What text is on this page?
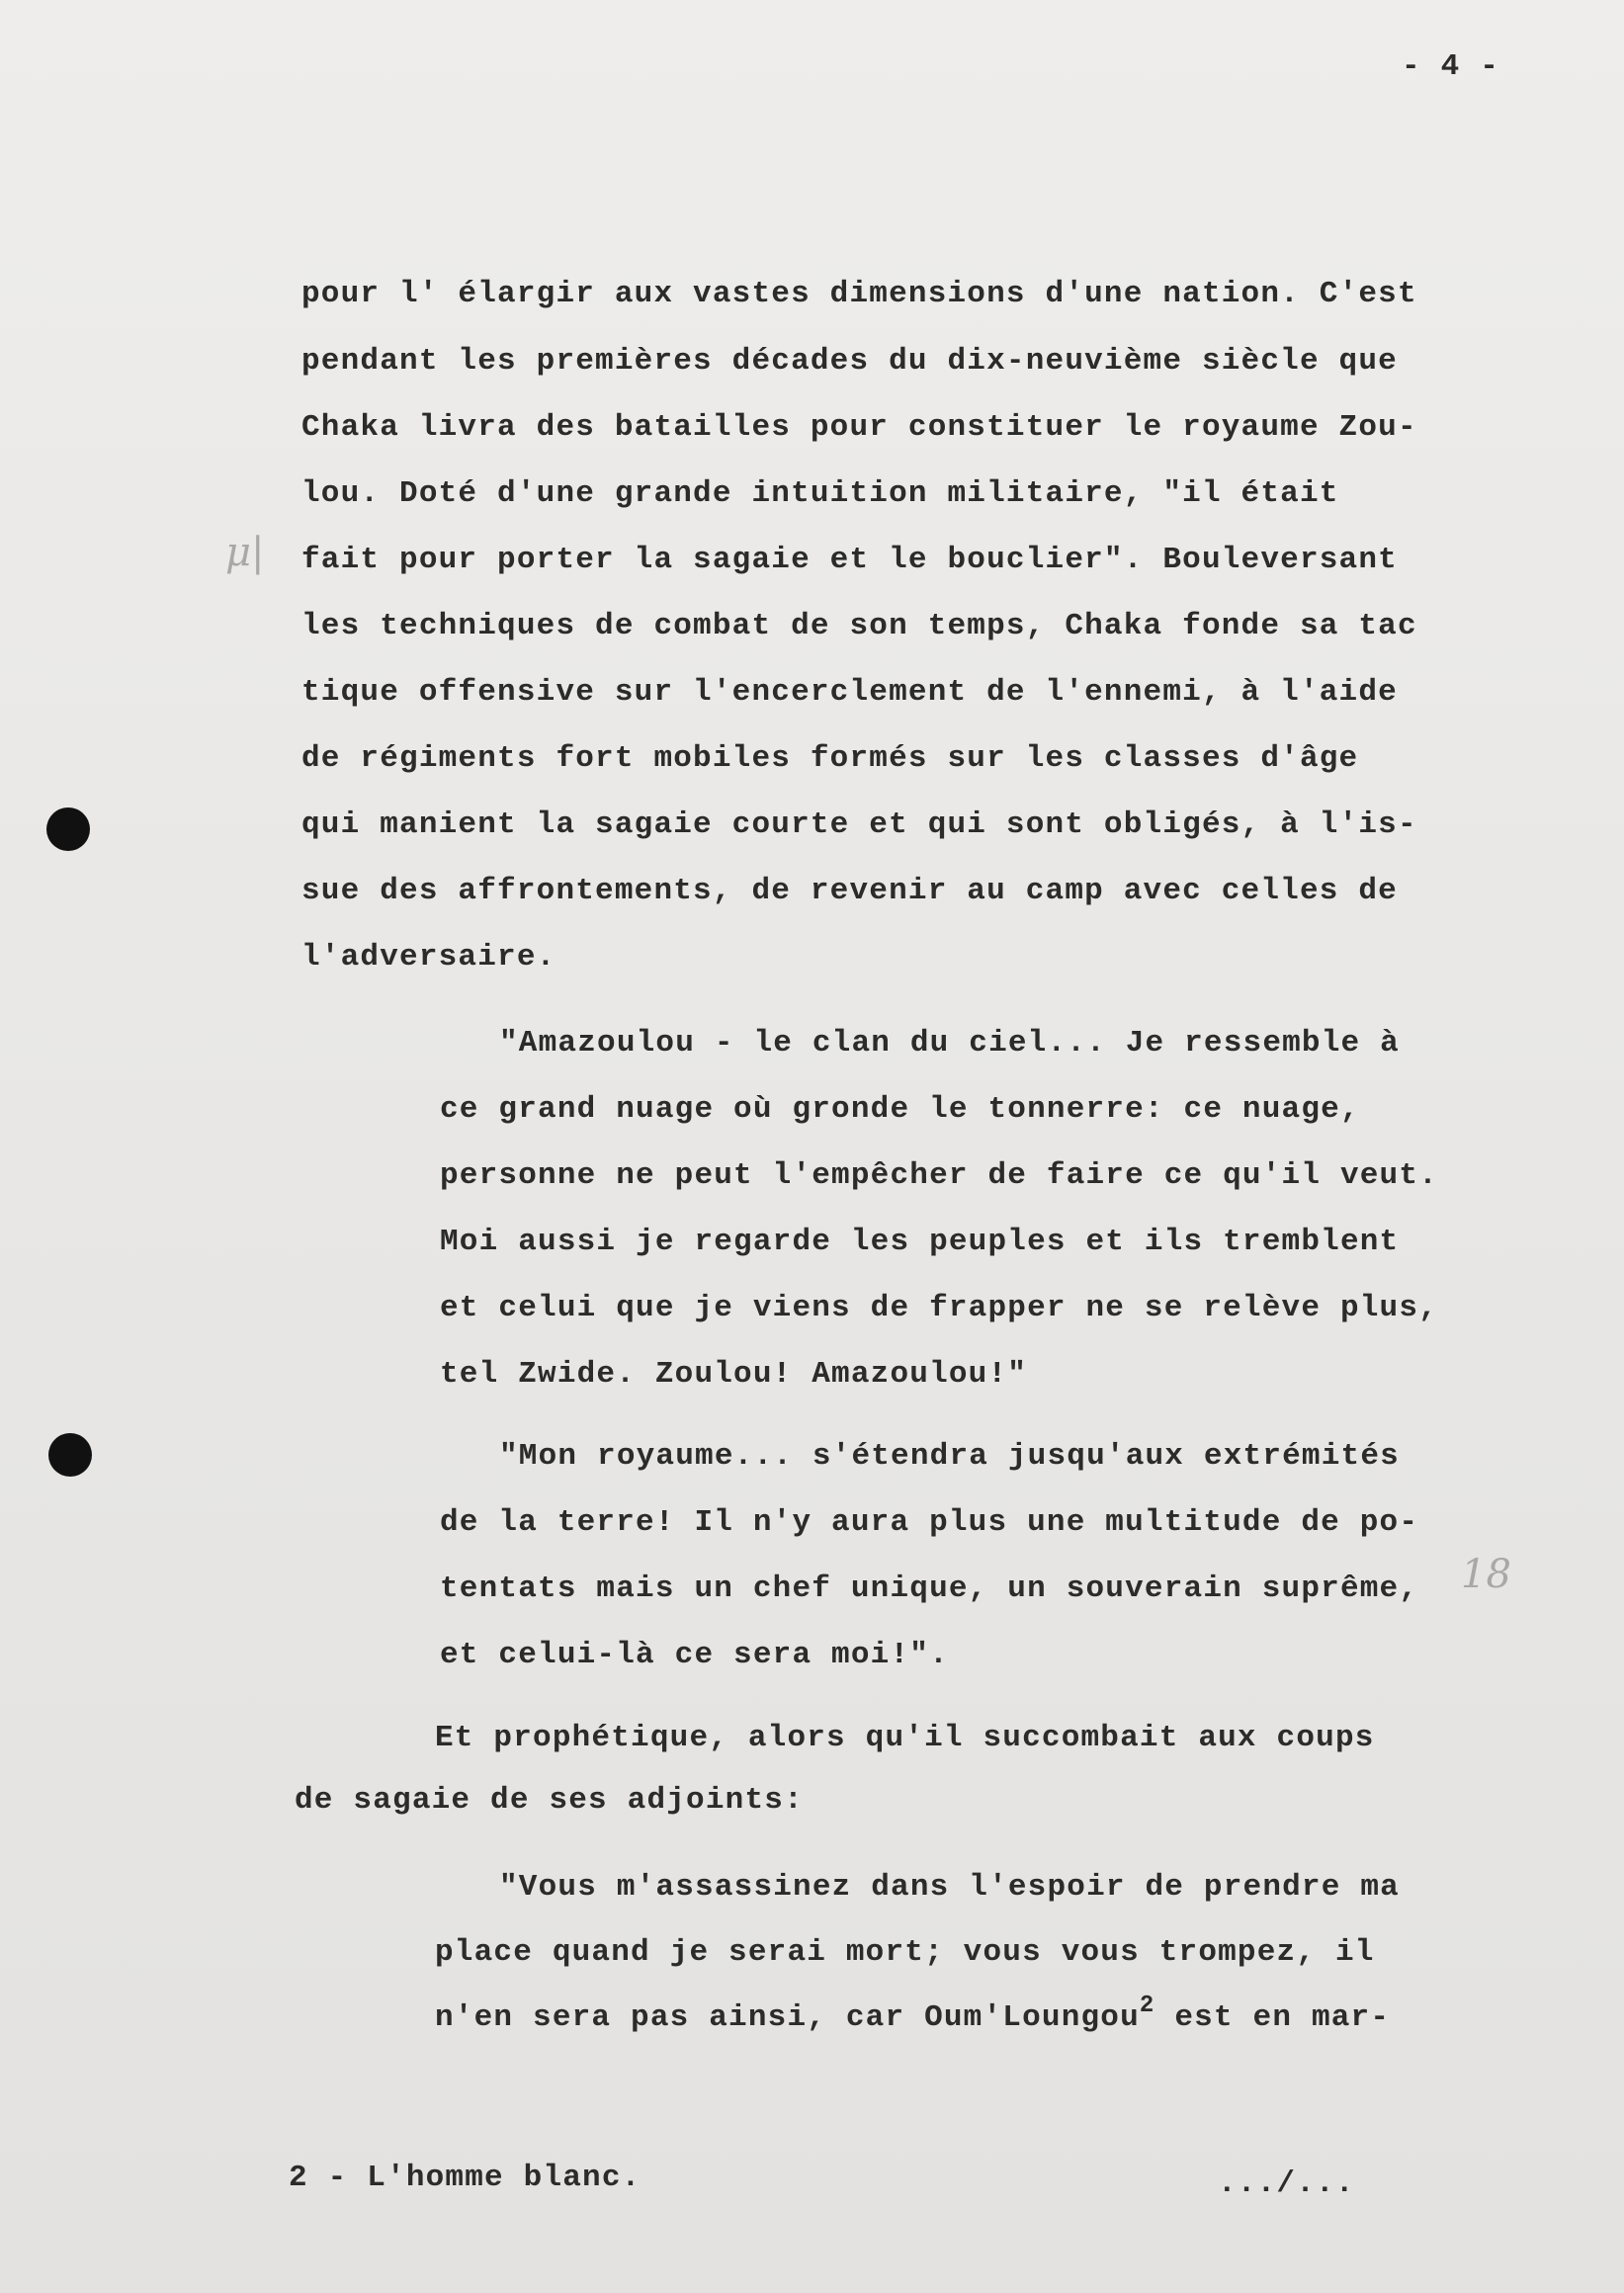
- 4 -
μ|
18
pour l' élargir aux vastes dimensions d'une nation. C'est
pendant les premières décades du dix-neuvième siècle que
Chaka livra des batailles pour constituer le royaume Zou-
lou. Doté d'une grande intuition militaire, "il était
fait pour porter la sagaie et le bouclier". Bouleversant
les techniques de combat de son temps, Chaka fonde sa tac
tique offensive sur l'encerclement de l'ennemi, à l'aide
de régiments fort mobiles formés sur les classes d'âge
qui manient la sagaie courte et qui sont obligés, à l'is-
sue des affrontements, de revenir au camp avec celles de
l'adversaire.
"Amazoulou - le clan du ciel... Je ressemble à
ce grand nuage où gronde le tonnerre: ce nuage,
personne ne peut l'empêcher de faire ce qu'il veut.
Moi aussi je regarde les peuples et ils tremblent
et celui que je viens de frapper ne se relève plus,
tel Zwide. Zoulou! Amazoulou!"
"Mon royaume... s'étendra jusqu'aux extrémités
de la terre! Il n'y aura plus une multitude de po-
tentats mais un chef unique, un souverain suprême,
et celui-là ce sera moi!".
Et prophétique, alors qu'il succombait aux coups
de sagaie de ses adjoints:
"Vous m'assassinez dans l'espoir de prendre ma
place quand je serai mort; vous vous trompez, il
n'en sera pas ainsi, car Oum'Loungou$^2$ est en mar-
2 - L'homme blanc.	.../...
